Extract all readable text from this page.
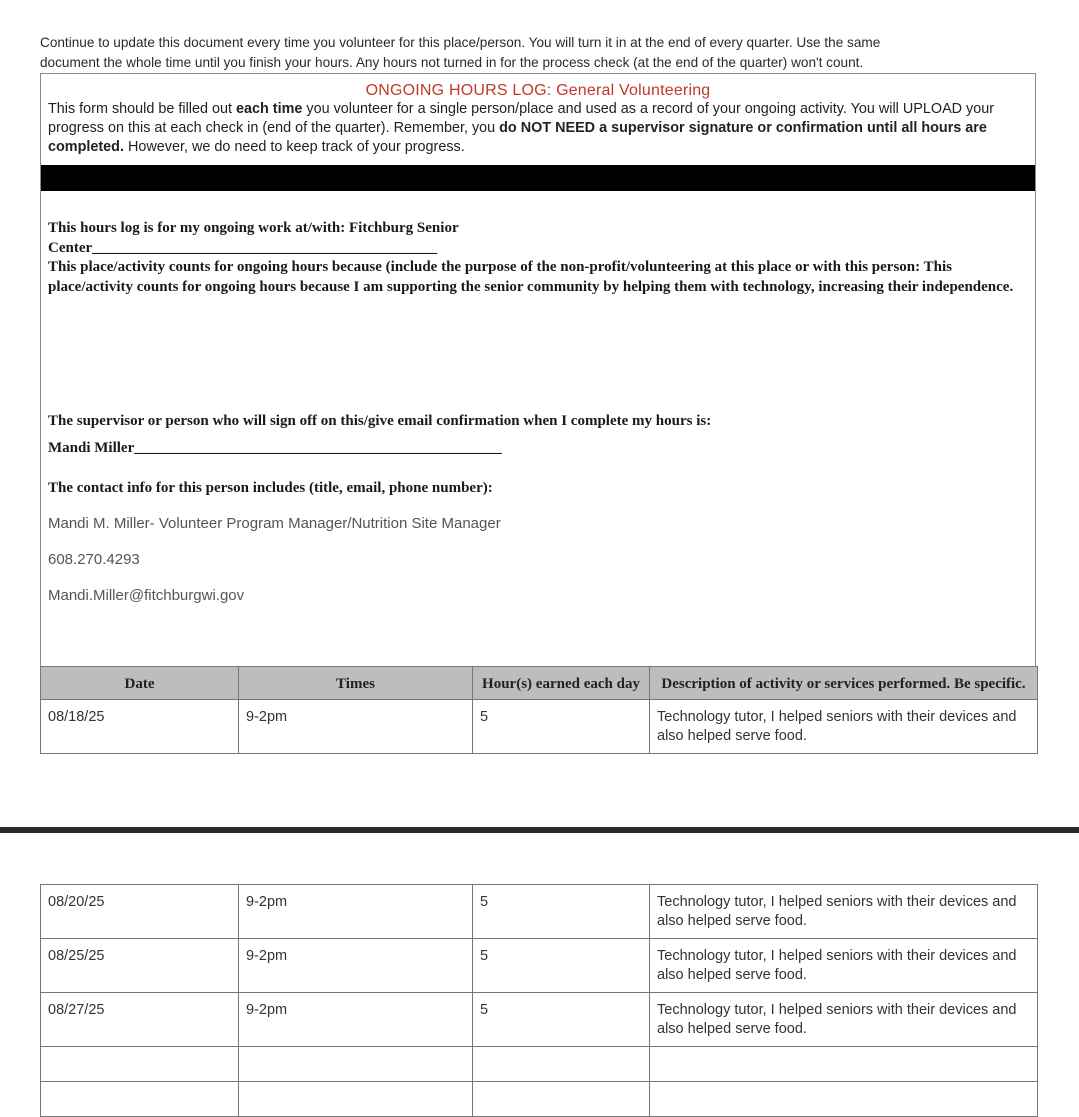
Continue to update this document every time you volunteer for this place/person. You will turn it in at the end of every quarter. Use the same
document the whole time until you finish your hours. Any hours not turned in for the process check (at the end of the quarter) won't count.
ONGOING HOURS LOG: General Volunteering
This form should be filled out each time you volunteer for a single person/place and used as a record of your ongoing activity. You will UPLOAD your progress on this at each check in (end of the quarter). Remember, you do NOT NEED a supervisor signature or confirmation until all hours are completed. However, we do need to keep track of your progress.
This hours log is for my ongoing work at/with: Fitchburg Senior
Center______________________________________________
This place/activity counts for ongoing hours because (include the purpose of the non-profit/volunteering at this place or with this person: This place/activity counts for ongoing hours because I am supporting the senior community by helping them with technology, increasing their independence.
The supervisor or person who will sign off on this/give email confirmation when I complete my hours is:
Mandi Miller_________________________________________________
The contact info for this person includes (title, email, phone number):
Mandi M. Miller- Volunteer Program Manager/Nutrition Site Manager
608.270.4293
Mandi.Miller@fitchburgwi.gov
Date	Times	Hour(s) earned each day	Description of activity or services performed. Be specific.
08/18/25	9-2pm	5	Technology tutor, I helped seniors with their devices and also helped serve food.
08/20/25	9-2pm	5	Technology tutor, I helped seniors with their devices and also helped serve food.
08/25/25	9-2pm	5	Technology tutor, I helped seniors with their devices and also helped serve food.
08/27/25	9-2pm	5	Technology tutor, I helped seniors with their devices and also helped serve food.
